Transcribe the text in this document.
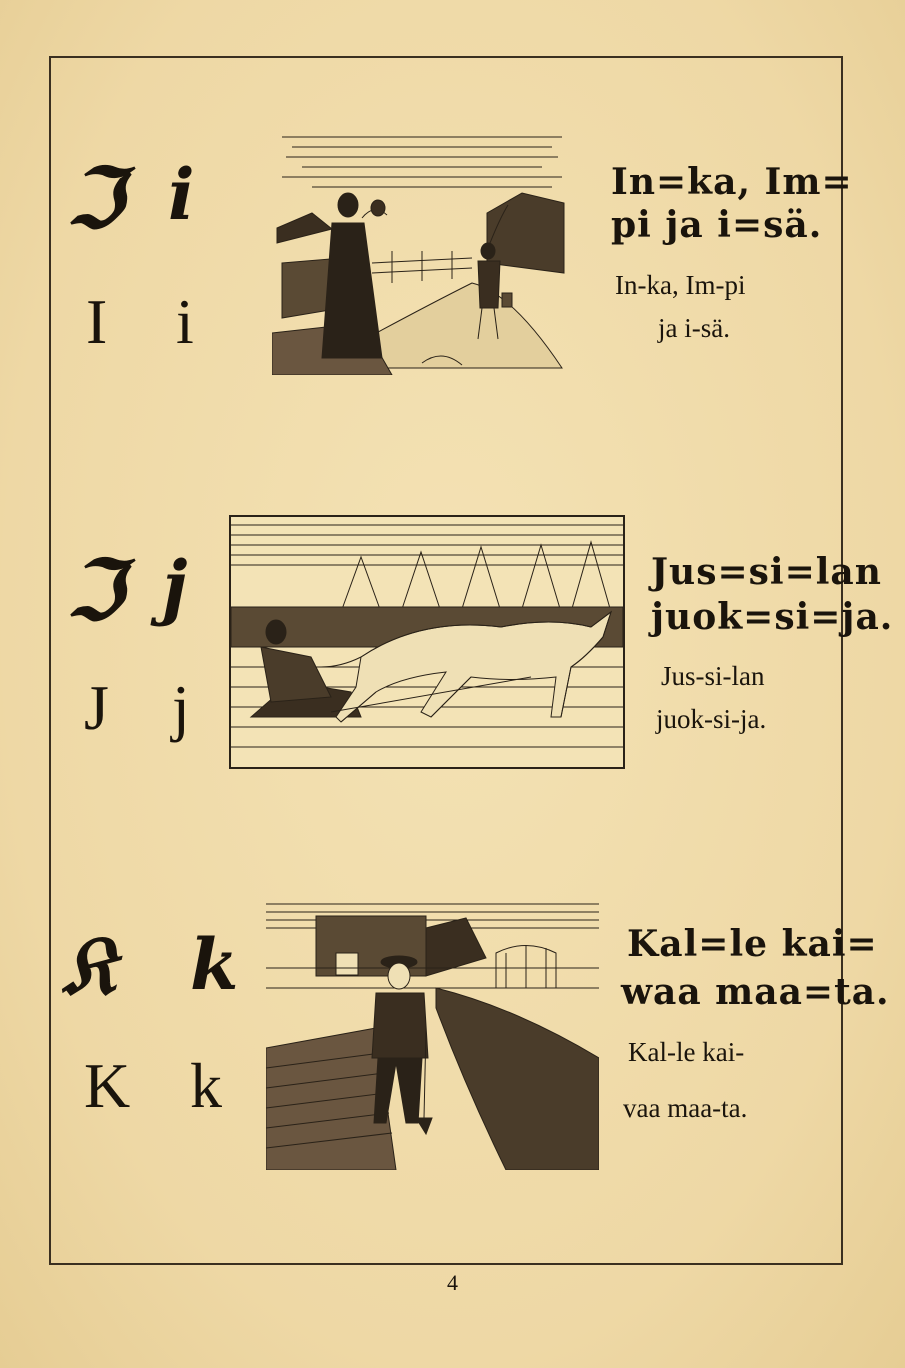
ℑ i
I i
In=ka, Im=
pi ja i=sä.
In-ka, Im-pi
ja i-sä.
ℑ j
J j
Jus=si=lan
juok=si=ja.
Jus-si-lan
juok-si-ja.
𝔎 k
K k
Kal=le kai=
waa maa=ta.
Kal-le kai-
vaa maa-ta.
4
